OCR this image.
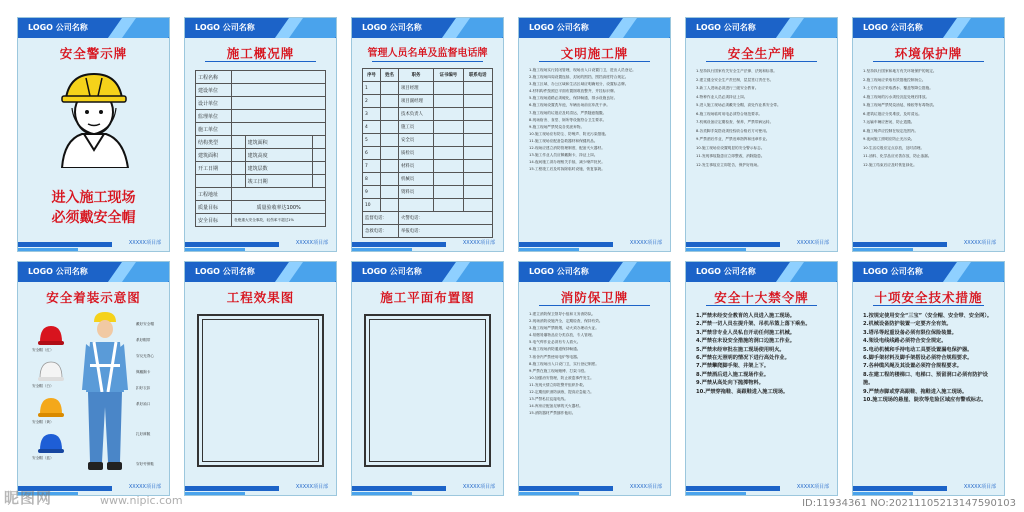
LOGO 公司名称
安全警示牌
进入施工现场
必须戴安全帽
XXXXX项目部
LOGO 公司名称
施工概况牌
工程名称			
建设单位			
设计单位			
监理单位			
施工单位			
结构类型		建筑面积	
建筑面积		建筑高度	
开工日期		建筑层数	
		竣工日期	
工程地址			
质量目标	质量验收率达100%		
安全目标	杜绝重大安全事故，轻伤率不超过1%		
XXXXX项目部
LOGO 公司名称
管理人员名单及监督电话牌
序号	姓名	职务	证书编号	联系电话
1		项目经理		
2		项目副经理		
3		技术负责人		
4		施工员		
5		安全员		
6		质检员		
7		材料员		
8		机械员		
9		资料员		
10				
监督电话：		火警电话：		
急救电话：		举报电话：		
XXXXX项目部
LOGO 公司名称
文明施工牌

1.施工现场实行封闭管理，现场出入口设置门卫，进出人员登记。

2.施工现场四周设置连续、封闭的围挡，围挡高度符合规定。

3.施工区域、办公区域和生活区域应明确划分，设置标志牌。

4.材料构件按照总平面布置图堆放整齐，并挂标识牌。

5.施工现场道路必须硬化，保持畅通，排水设施良好。

6.施工现场设置洗车池，车辆出场前应冲洗干净。

7.施工现场的垃圾应及时清运，严禁随意抛撒。

8.现场宿舍、食堂、厕所等设施符合卫生要求。

9.施工现场严禁焚烧各类废弃物。

10.施工现场应有防尘、防噪声、防光污染措施。

11.施工现场应配备急救器材和保健药品。

12.现场应建立消防管理制度，配备灭火器材。

13.施工作业人员应佩戴胸卡，持证上岗。

14.夜间施工须办理相关手续，减少噪声扰民。

15.工程竣工后及时拆除临时设施，恢复原貌。

XXXXX项目部
LOGO 公司名称
安全生产牌

1.坚持执行国家有关安全生产法律、法规和标准。

2.建立健全安全生产责任制，层层签订责任书。

3.新工人进场必须进行三级安全教育。

4.特种作业人员必须持证上岗。

5.进入施工现场必须戴安全帽，高处作业系安全带。

6.施工现场临时用电必须符合规范要求。

7.机械设备应定期检查、保养，严禁带病运转。

8.各类脚手架搭设须经验收合格后方可使用。

9.严禁酒后作业，严禁违章指挥和违章作业。

10.施工现场应设置明显的安全警示标志。

11.发现事故隐患应立即整改，消除隐患。

12.发生事故应立即报告，保护好现场。

XXXXX项目部
LOGO 公司名称
环境保护牌

1.坚持执行国家和地方有关环境保护的规定。

2.施工现场应采取有效措施控制扬尘。

3.土方作业应采取洒水、覆盖等降尘措施。

4.施工现场的污水须经沉淀处理后排放。

5.施工现场严禁焚烧油毡、橡胶等有毒物质。

6.建筑垃圾应分类堆放，及时清运。

7.运输车辆应密闭，防止遗撒。

8.施工噪声应控制在规定范围内。

9.夜间施工照明应防止光污染。

10.生活垃圾应定点存放，及时清理。

11.油料、化学品应妥善存放，防止渗漏。

12.施工结束后应及时恢复绿化。

XXXXX项目部
LOGO 公司名称
安全着装示意图
安全帽（红）
安全帽（白）
安全帽（黄）
安全帽（蓝）
戴好安全帽
系好帽带
穿反光背心
佩戴胸卡
扣好衣扣
系好袖口
扎好裤腿
穿好劳保鞋
XXXXX项目部
LOGO 公司名称
工程效果图
XXXXX项目部
LOGO 公司名称
施工平面布置图
XXXXX项目部
LOGO 公司名称
消防保卫牌

1.建立消防保卫领导小组和义务消防队。

2.现场消防设施齐全，定期检查，保持有效。

3.施工现场严禁吸烟，动火须办理动火证。

4.易燃易爆物品应分类存放，专人管理。

5.电气焊作业必须有专人看火。

6.施工现场消防通道保持畅通。

7.宿舍内严禁使用电炉等电器。

8.施工现场出入口设门卫，实行登记制度。

9.严禁在施工现场赌博、打架斗殴。

10.加强治安管理，防止被盗事件发生。

11.发现火情立即报警并组织扑救。

12.定期组织消防演练，提高应急能力。

13.严禁私拉乱接电线。

14.库房应配备足够的灭火器材。

15.消防器材严禁挪作他用。

XXXXX项目部
LOGO 公司名称
安全十大禁令牌

1.严禁未经安全教育的人员进入施工现场。

2.严禁一切人员在提升架、吊机吊篮上落下乘坐。

3.严禁非专业人员私自开动任何施工机械。

4.严禁在未设安全措施的洞口边施工作业。

5.严禁未经审批在施工现场使用明火。

6.严禁在无照明的情况下进行高处作业。

7.严禁攀爬脚手架、井架上下。

8.严禁酒后进入施工现场作业。

9.严禁从高处向下抛掷物料。

10.严禁穿拖鞋、高跟鞋进入施工现场。

XXXXX项目部
LOGO 公司名称
十项安全技术措施

1.按规定使用安全“三宝”（安全帽、安全带、安全网）。

2.机械设备防护装置一定要齐全有效。

3.塔吊等起重设备必须有限位保险装置。

4.架设电线线路必须符合安全规定。

5.电动机械和手持电动工具要设置漏电保护器。

6.脚手架材料及脚手架搭设必须符合规程要求。

7.各种缆风绳及其设置必须符合规程要求。

8.在建工程的楼梯口、电梯口、预留洞口必须有防护设施。

9.严禁赤脚或穿高跟鞋、拖鞋进入施工现场。

10.施工现场的悬崖、陡坎等危险区域应有警戒标志。

XXXXX项目部
昵图网	www.nipic.com	ID:11934361 NO:20211105213147590103
